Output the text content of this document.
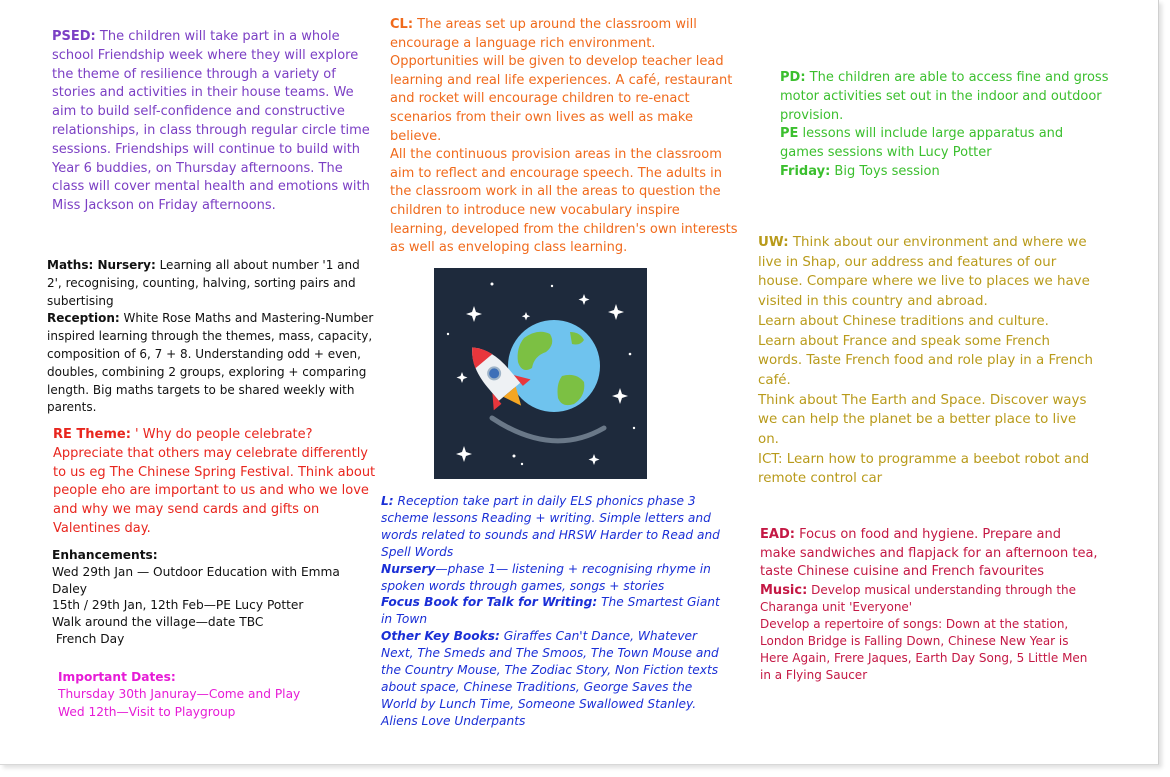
PSED: The children will take part in a whole school Friendship week where they will explore the theme of resilience through a variety of stories and activities in their house teams. We aim to build self-confidence and constructive relationships, in class through regular circle time sessions. Friendships will continue to build with Year 6 buddies, on Thursday afternoons. The class will cover mental health and emotions with Miss Jackson on Friday afternoons.

CL: The areas set up around the classroom will encourage a language rich environment. Opportunities will be given to develop teacher lead learning and real life experiences. A café, restaurant and rocket will encourage children to re-enact scenarios from their own lives as well as make believe.

All the continuous provision areas in the classroom aim to reflect and encourage speech. The adults in the classroom work in all the areas to question the children to introduce new vocabulary inspire learning, developed from the children's own interests as well as enveloping class learning.

PD: The children are able to access fine and gross motor activities set out in the indoor and outdoor provision.

PE lessons will include large apparatus and games sessions with Lucy Potter

Friday: Big Toys session

Maths: Nursery: Learning all about number '1 and 2', recognising, counting, halving, sorting pairs and subertising

Reception: White Rose Maths and Mastering-Number inspired learning through the themes, mass, capacity, composition of 6, 7 + 8. Understanding odd + even, doubles, combining 2 groups, exploring + comparing length. Big maths targets to be shared weekly with parents.

UW: Think about our environment and where we live in Shap, our address and features of our house. Compare where we live to places we have visited in this country and abroad.

Learn about Chinese traditions and culture.

Learn about France and speak some French words. Taste French food and role play in a French café.

Think about The Earth and Space. Discover ways we can help the planet be a better place to live on.

ICT: Learn how to programme a beebot robot and remote control car

RE Theme: ' Why do people celebrate? Appreciate that others may celebrate differently to us eg The Chinese Spring Festival. Think about people eho are important to us and who we love and why we may send cards and gifts on Valentines day.

L: Reception take part in daily ELS phonics phase 3 scheme lessons Reading + writing. Simple letters and words related to sounds and HRSW Harder to Read and Spell Words

Nursery—phase 1— listening + recognising rhyme in spoken words through games, songs + stories

Focus Book for Talk for Writing: The Smartest Giant in Town

Other Key Books: Giraffes Can't Dance, Whatever Next, The Smeds and The Smoos, The Town Mouse and the Country Mouse, The Zodiac Story, Non Fiction texts about space, Chinese Traditions, George Saves the World by Lunch Time, Someone Swallowed Stanley. Aliens Love Underpants

EAD: Focus on food and hygiene. Prepare and make sandwiches and flapjack for an afternoon tea, taste Chinese cuisine and French favourites

Music: Develop musical understanding through the Charanga unit 'Everyone'

Develop a repertoire of songs: Down at the station, London Bridge is Falling Down, Chinese New Year is Here Again, Frere Jaques, Earth Day Song, 5 Little Men in a Flying Saucer

Enhancements:

Wed 29th Jan — Outdoor Education with Emma Daley

15th / 29th Jan, 12th Feb—PE Lucy Potter

Walk around the village—date TBC

French Day

Important Dates:

Thursday 30th Januray—Come and Play

Wed 12th—Visit to Playgroup
